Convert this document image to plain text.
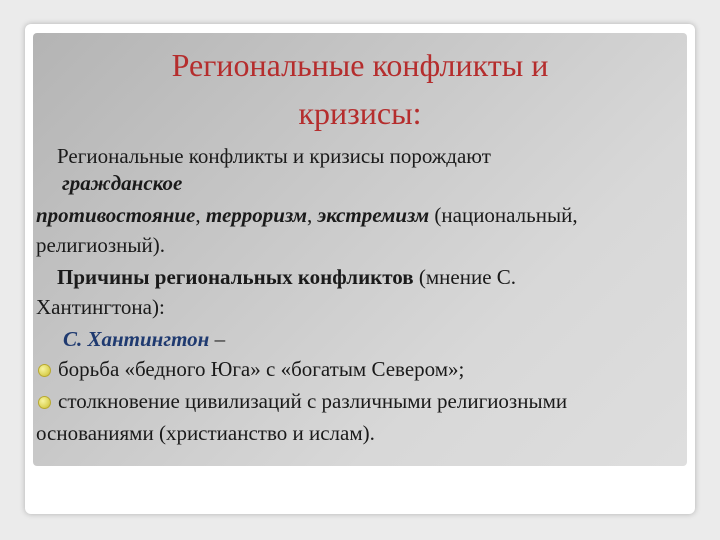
Региональные конфликты и
кризисы:
Региональные конфликты и кризисы порождают
гражданское
противостояние, терроризм, экстремизм (национальный,
религиозный).
Причины региональных конфликтов (мнение С.
Хантингтона):
С. Хантингтон –
борьба «бедного Юга» с «богатым Севером»;
столкновение цивилизаций с различными религиозными
основаниями (христианство и ислам).
